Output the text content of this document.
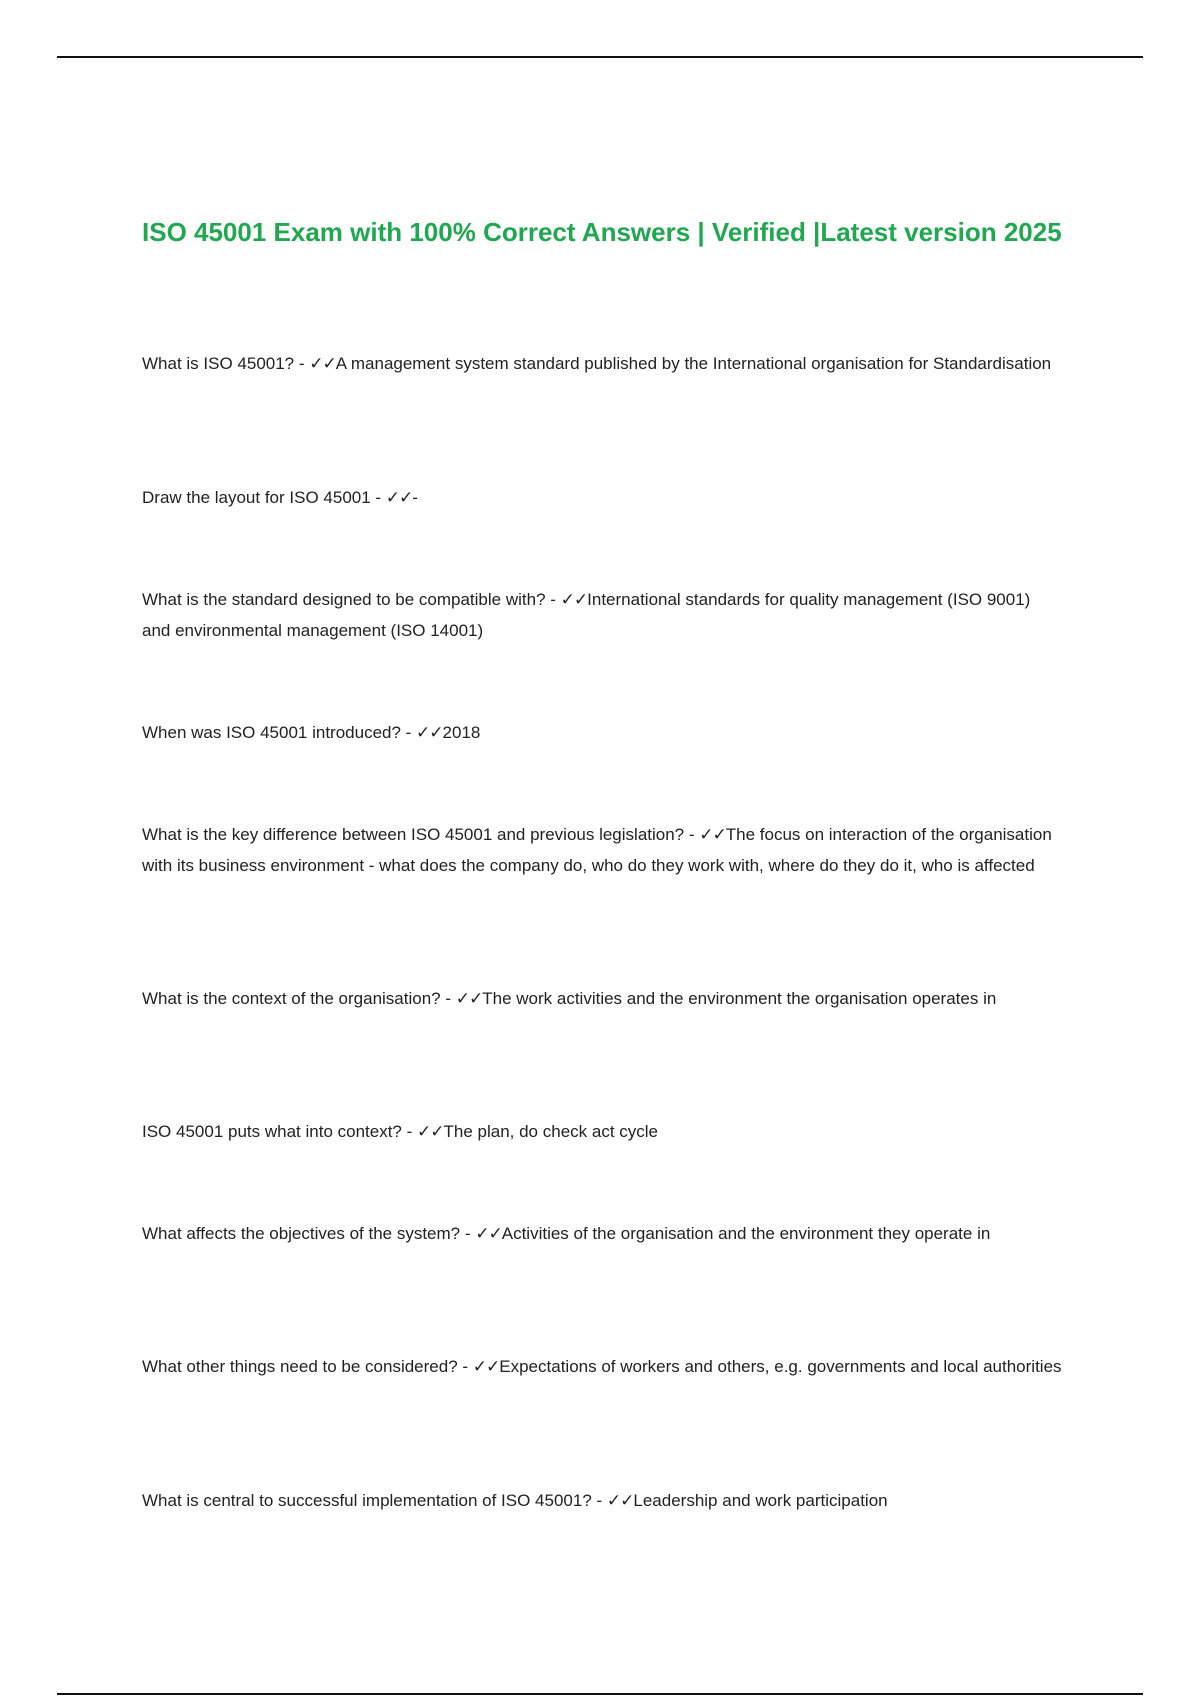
ISO 45001 Exam with 100% Correct Answers | Verified |Latest version 2025

What is ISO 45001? - ✓✓A management system standard published by the International organisation for Standardisation

Draw the layout for ISO 45001 - ✓✓-

What is the standard designed to be compatible with? - ✓✓International standards for quality management (ISO 9001) and environmental management (ISO 14001)

When was ISO 45001 introduced? - ✓✓2018

What is the key difference between ISO 45001 and previous legislation? - ✓✓The focus on interaction of the organisation with its business environment - what does the company do, who do they work with, where do they do it, who is affected

What is the context of the organisation? - ✓✓The work activities and the environment the organisation operates in

ISO 45001 puts what into context? - ✓✓The plan, do check act cycle

What affects the objectives of the system? - ✓✓Activities of the organisation and the environment they operate in

What other things need to be considered? - ✓✓Expectations of workers and others, e.g. governments and local authorities

What is central to successful implementation of ISO 45001? - ✓✓Leadership and work participation
